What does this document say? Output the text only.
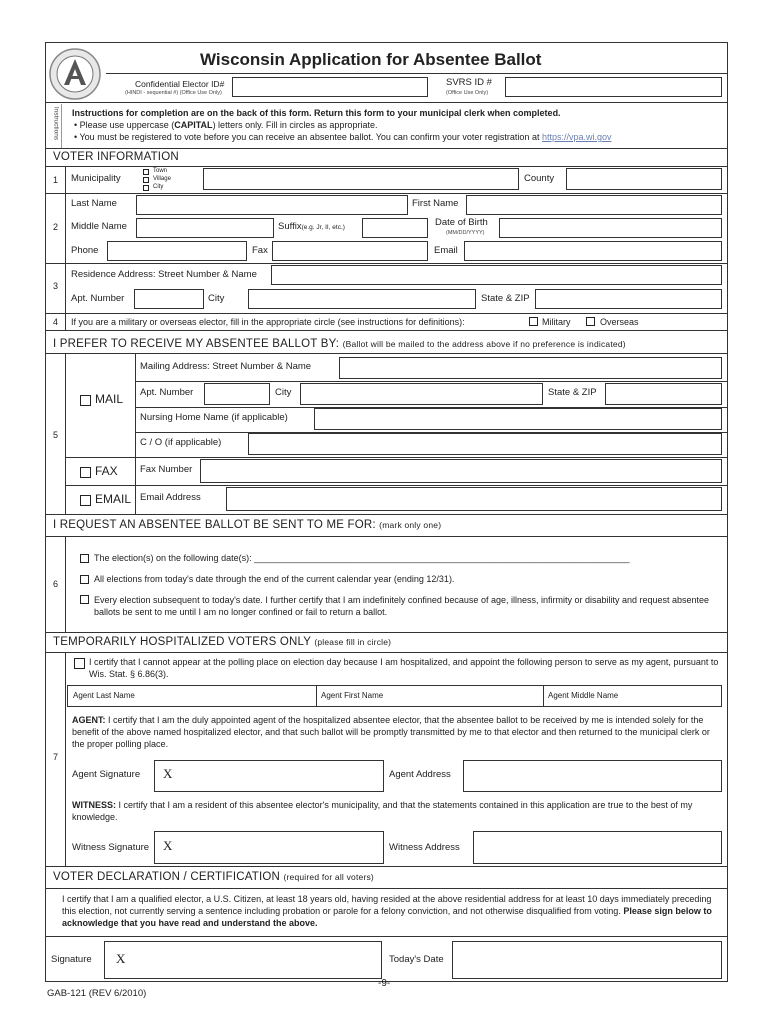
Wisconsin Application for Absentee Ballot
Confidential Elector ID#
(HINDI - sequential #) (Office Use Only)
SVRS ID #
(Office Use Only)
Instructions Instructions for completion are on the back of this form. Return this form to your municipal clerk when completed.
• Please use uppercase (CAPITAL) letters only. Fill in circles as appropriate.
• You must be registered to vote before you can receive an absentee ballot. You can confirm your voter registration at https://vpa.wi.gov
VOTER INFORMATION
1 Municipality
Town
Village
City
County
2
Last Name	First Name
Middle Name	Suffix(e.g. Jr, II, etc.)	Date of Birth
(MM/DD/YYYY)
Phone	Fax	Email
3
Residence Address: Street Number & Name
Apt. Number	City	State & ZIP
4 If you are a military or overseas elector, fill in the appropriate circle (see instructions for definitions):	Military	Overseas
I PREFER TO RECEIVE MY ABSENTEE BALLOT BY: (Ballot will be mailed to the address above if no preference is indicated)
5
MAIL
Mailing Address: Street Number & Name
Apt. Number	City	State & ZIP
Nursing Home Name (if applicable)
C / O (if applicable)
FAX Fax Number
EMAIL Email Address
I REQUEST AN ABSENTEE BALLOT BE SENT TO ME FOR: (mark only one)
6
The election(s) on the following date(s): ___________________________________________________________________________
All elections from today's date through the end of the current calendar year (ending 12/31).
Every election subsequent to today's date. I further certify that I am indefinitely confined because of age, illness, infirmity or disability and request absentee ballots be sent to me until I am no longer confined or fail to return a ballot.
TEMPORARILY HOSPITALIZED VOTERS ONLY (please fill in circle)
7
I certify that I cannot appear at the polling place on election day because I am hospitalized, and appoint the following person to serve as my agent, pursuant to Wis. Stat. § 6.86(3).
Agent Last Name	Agent First Name	Agent Middle Name
AGENT: I certify that I am the duly appointed agent of the hospitalized absentee elector, that the absentee ballot to be received by me is intended solely for the benefit of the above named hospitalized elector, and that such ballot will be promptly transmitted by me to that elector and then returned to the municipal clerk or the proper polling place.
Agent Signature X	Agent Address
WITNESS: I certify that I am a resident of this absentee elector's municipality, and that the statements contained in this application are true to the best of my knowledge.
Witness Signature X	Witness Address
VOTER DECLARATION / CERTIFICATION (required for all voters)
I certify that I am a qualified elector, a U.S. Citizen, at least 18 years old, having resided at the above residential address for at least 10 days immediately preceding this election, not currently serving a sentence including probation or parole for a felony conviction, and not otherwise disqualified from voting. Please sign below to acknowledge that you have read and understand the above.
Signature X	Today's Date
GAB-121 (REV 6/2010)
-9-
